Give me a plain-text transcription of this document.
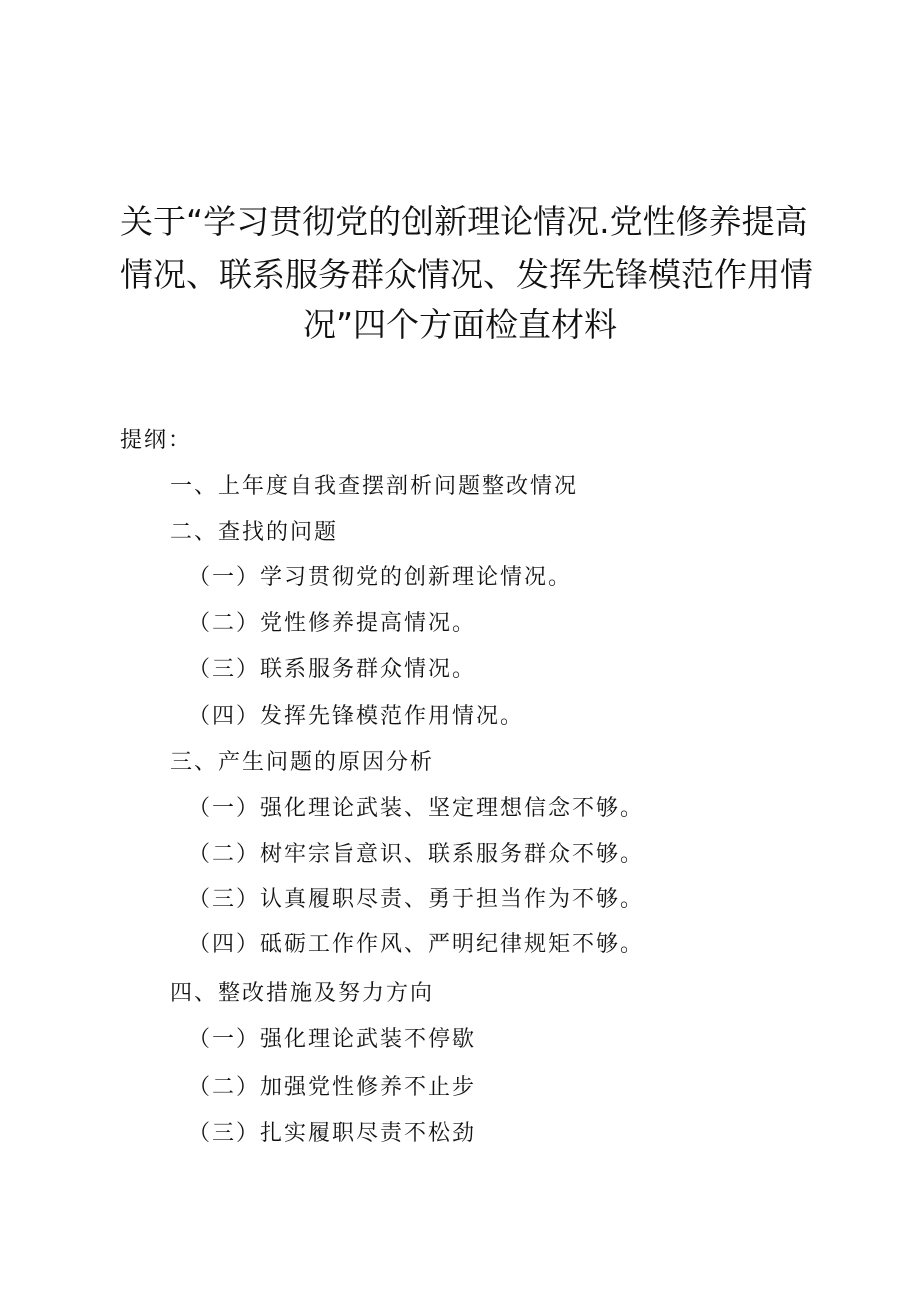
关于“学习贯彻党的创新理论情况.党性修养提高
情况、联系服务群众情况、发挥先锋模范作用情
况”四个方面检直材料
提纲：
一、上年度自我查摆剖析问题整改情况
二、查找的问题
（一）学习贯彻党的创新理论情况。
（二）党性修养提高情况。
（三）联系服务群众情况。
（四）发挥先锋模范作用情况。
三、产生问题的原因分析
（一）强化理论武装、坚定理想信念不够。
（二）树牢宗旨意识、联系服务群众不够。
（三）认真履职尽责、勇于担当作为不够。
（四）砥砺工作作风、严明纪律规矩不够。
四、整改措施及努力方向
（一）强化理论武装不停歇
（二）加强党性修养不止步
（三）扎实履职尽责不松劲
